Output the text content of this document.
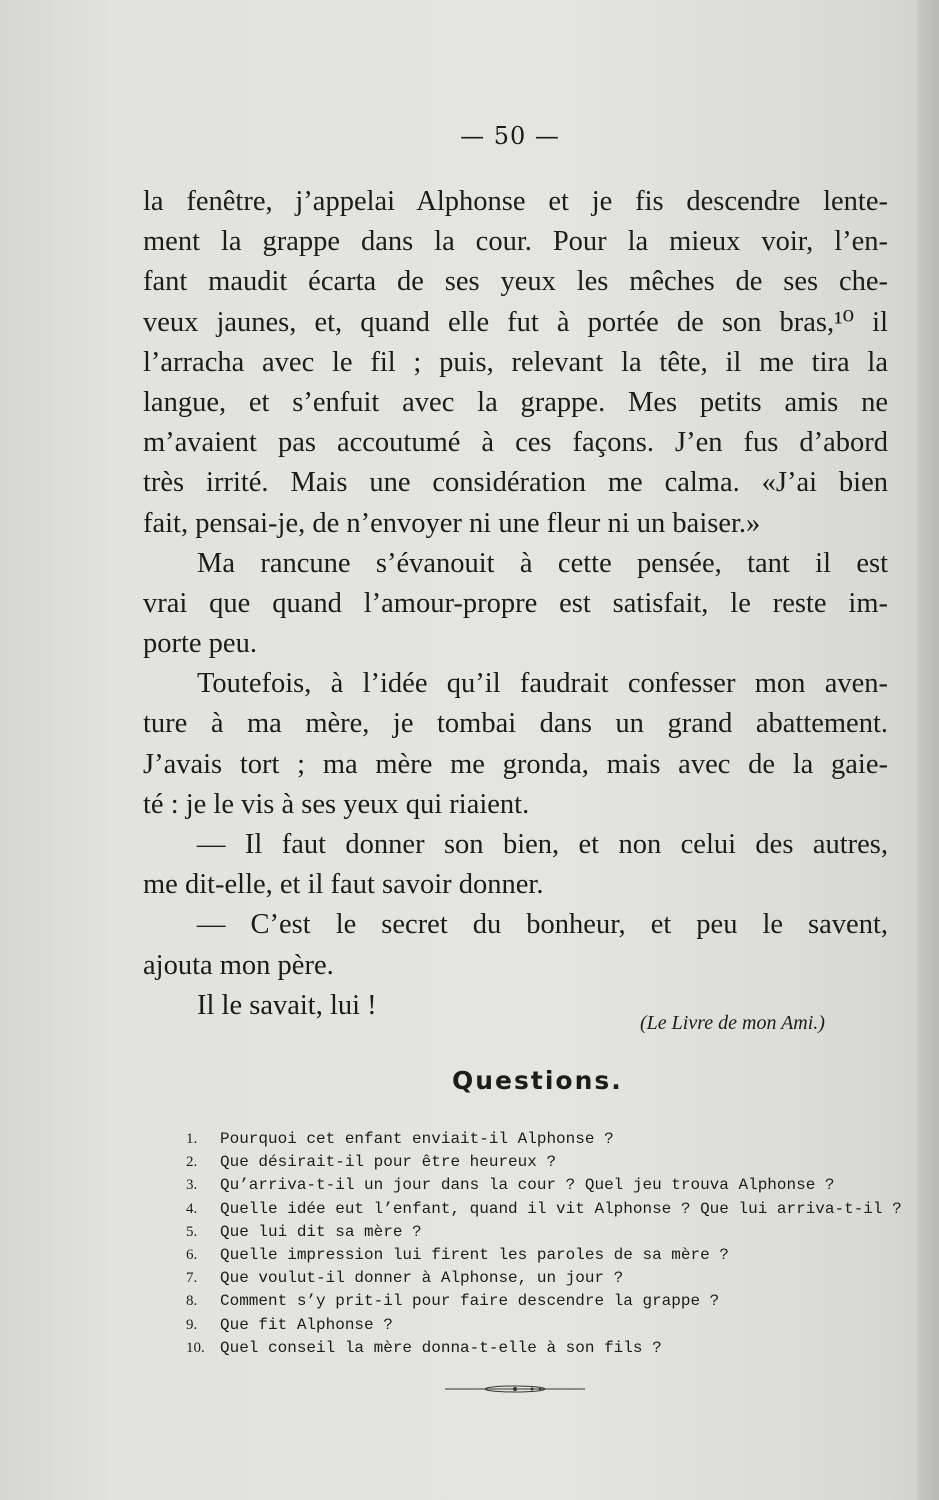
— 50 —
la fenêtre, j’appelai Alphonse et je fis descendre lente-
ment la grappe dans la cour. Pour la mieux voir, l’en-
fant maudit écarta de ses yeux les mêches de ses che-
veux jaunes, et, quand elle fut à portée de son bras,¹⁰ il
l’arracha avec le fil ; puis, relevant la tête, il me tira la
langue, et s’enfuit avec la grappe. Mes petits amis ne
m’avaient pas accoutumé à ces façons. J’en fus d’abord
très irrité. Mais une considération me calma. «J’ai bien
fait, pensai-je, de n’envoyer ni une fleur ni un baiser.»
Ma rancune s’évanouit à cette pensée, tant il est
vrai que quand l’amour-propre est satisfait, le reste im-
porte peu.
Toutefois, à l’idée qu’il faudrait confesser mon aven-
ture à ma mère, je tombai dans un grand abattement.
J’avais tort ; ma mère me gronda, mais avec de la gaie-
té : je le vis à ses yeux qui riaient.
— Il faut donner son bien, et non celui des autres,
me dit-elle, et il faut savoir donner.
— C’est le secret du bonheur, et peu le savent,
ajouta mon père.
Il le savait, lui !
(Le Livre de mon Ami.)
Questions.
1.	Pourquoi cet enfant enviait-il Alphonse ?
2.	Que désirait-il pour être heureux ?
3.	Qu’arriva-t-il un jour dans la cour ? Quel jeu trouva Alphonse ?
4.	Quelle idée eut l’enfant, quand il vit Alphonse ? Que lui arriva-t-il ?
5.	Que lui dit sa mère ?
6.	Quelle impression lui firent les paroles de sa mère ?
7.	Que voulut-il donner à Alphonse, un jour ?
8.	Comment s’y prit-il pour faire descendre la grappe ?
9.	Que fit Alphonse ?
10. Quel conseil la mère donna-t-elle à son fils ?
